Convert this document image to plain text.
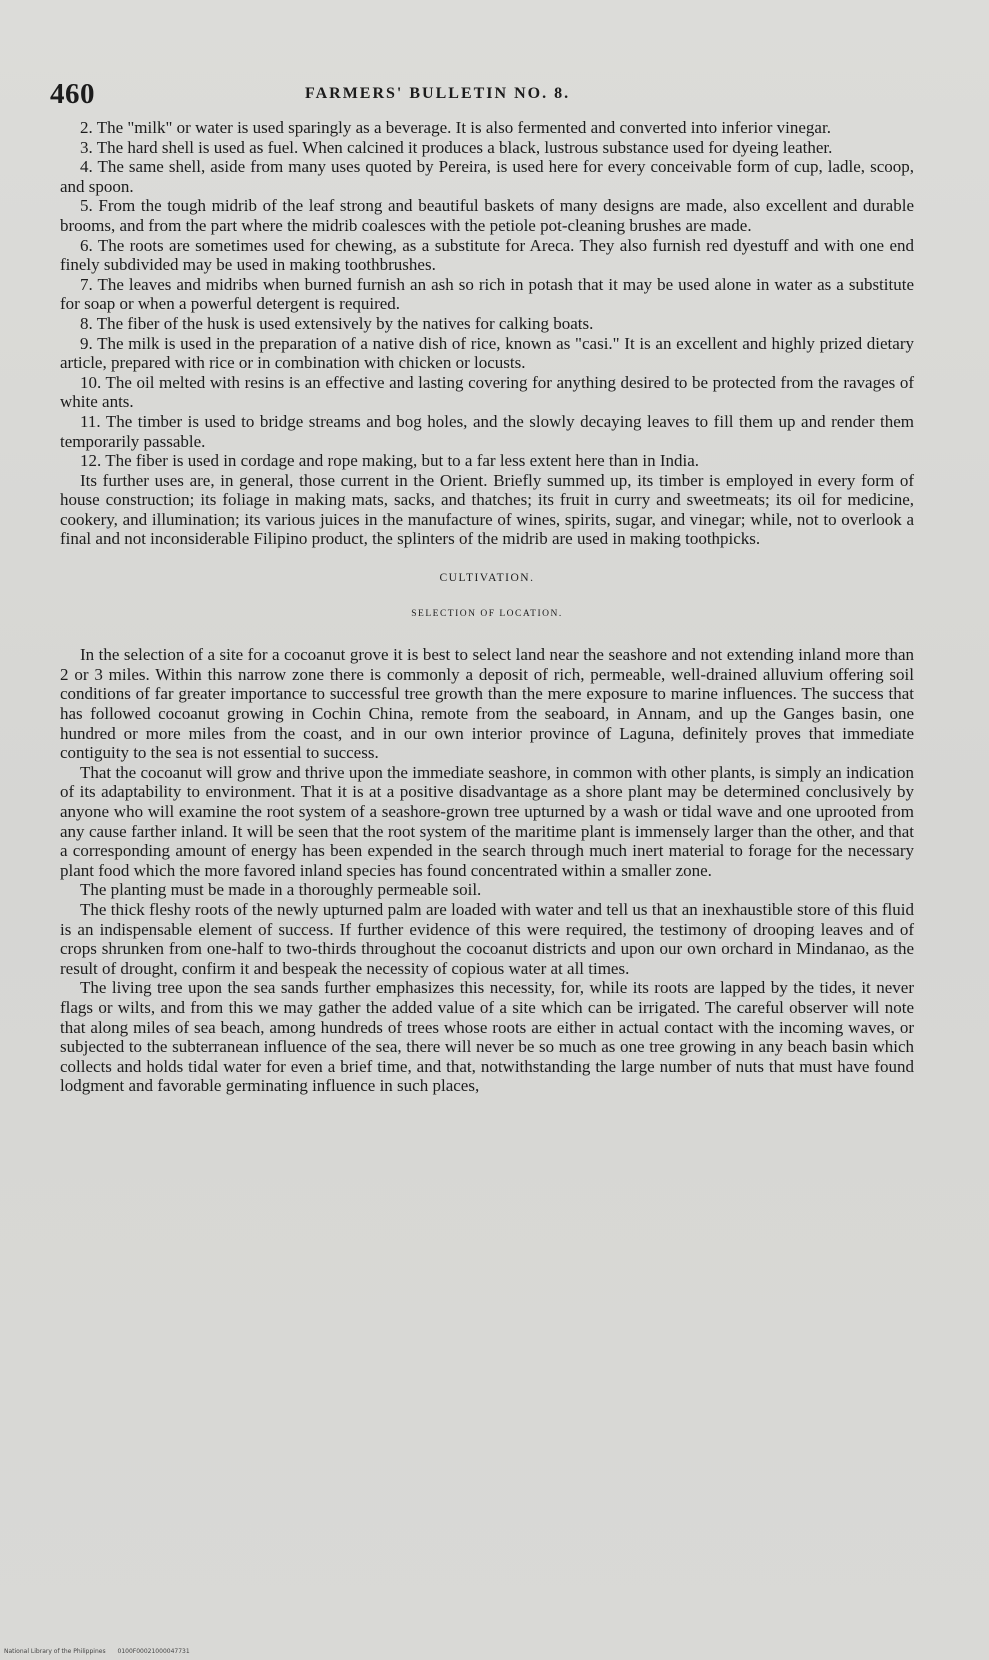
460	FARMERS' BULLETIN NO. 8.

2. The "milk" or water is used sparingly as a beverage. It is also fermented and converted into inferior vinegar.

3. The hard shell is used as fuel. When calcined it produces a black, lustrous substance used for dyeing leather.

4. The same shell, aside from many uses quoted by Pereira, is used here for every conceivable form of cup, ladle, scoop, and spoon.

5. From the tough midrib of the leaf strong and beautiful baskets of many designs are made, also excellent and durable brooms, and from the part where the midrib coalesces with the petiole pot-cleaning brushes are made.

6. The roots are sometimes used for chewing, as a substitute for Areca. They also furnish red dyestuff and with one end finely subdivided may be used in making toothbrushes.

7. The leaves and midribs when burned furnish an ash so rich in potash that it may be used alone in water as a substitute for soap or when a powerful detergent is required.

8. The fiber of the husk is used extensively by the natives for calking boats.

9. The milk is used in the preparation of a native dish of rice, known as "casi." It is an excellent and highly prized dietary article, prepared with rice or in combination with chicken or locusts.

10. The oil melted with resins is an effective and lasting covering for anything desired to be protected from the ravages of white ants.

11. The timber is used to bridge streams and bog holes, and the slowly decaying leaves to fill them up and render them temporarily passable.

12. The fiber is used in cordage and rope making, but to a far less extent here than in India.

Its further uses are, in general, those current in the Orient. Briefly summed up, its timber is employed in every form of house construction; its foliage in making mats, sacks, and thatches; its fruit in curry and sweetmeats; its oil for medicine, cookery, and illumination; its various juices in the manufacture of wines, spirits, sugar, and vinegar; while, not to overlook a final and not inconsiderable Filipino product, the splinters of the midrib are used in making toothpicks.

CULTIVATION.

SELECTION OF LOCATION.

In the selection of a site for a cocoanut grove it is best to select land near the seashore and not extending inland more than 2 or 3 miles. Within this narrow zone there is commonly a deposit of rich, permeable, well-drained alluvium offering soil conditions of far greater importance to successful tree growth than the mere exposure to marine influences. The success that has followed cocoanut growing in Cochin China, remote from the seaboard, in Annam, and up the Ganges basin, one hundred or more miles from the coast, and in our own interior province of Laguna, definitely proves that immediate contiguity to the sea is not essential to success.

That the cocoanut will grow and thrive upon the immediate seashore, in common with other plants, is simply an indication of its adaptability to environment. That it is at a positive disadvantage as a shore plant may be determined conclusively by anyone who will examine the root system of a seashore-grown tree upturned by a wash or tidal wave and one uprooted from any cause farther inland. It will be seen that the root system of the maritime plant is immensely larger than the other, and that a corresponding amount of energy has been expended in the search through much inert material to forage for the necessary plant food which the more favored inland species has found concentrated within a smaller zone.

The planting must be made in a thoroughly permeable soil.

The thick fleshy roots of the newly upturned palm are loaded with water and tell us that an inexhaustible store of this fluid is an indispensable element of success. If further evidence of this were required, the testimony of drooping leaves and of crops shrunken from one-half to two-thirds throughout the cocoanut districts and upon our own orchard in Mindanao, as the result of drought, confirm it and bespeak the necessity of copious water at all times.

The living tree upon the sea sands further emphasizes this necessity, for, while its roots are lapped by the tides, it never flags or wilts, and from this we may gather the added value of a site which can be irrigated. The careful observer will note that along miles of sea beach, among hundreds of trees whose roots are either in actual contact with the incoming waves, or subjected to the subterranean influence of the sea, there will never be so much as one tree growing in any beach basin which collects and holds tidal water for even a brief time, and that, notwithstanding the large number of nuts that must have found lodgment and favorable germinating influence in such places,

National Library of the Philippines 0100F00021000047731
